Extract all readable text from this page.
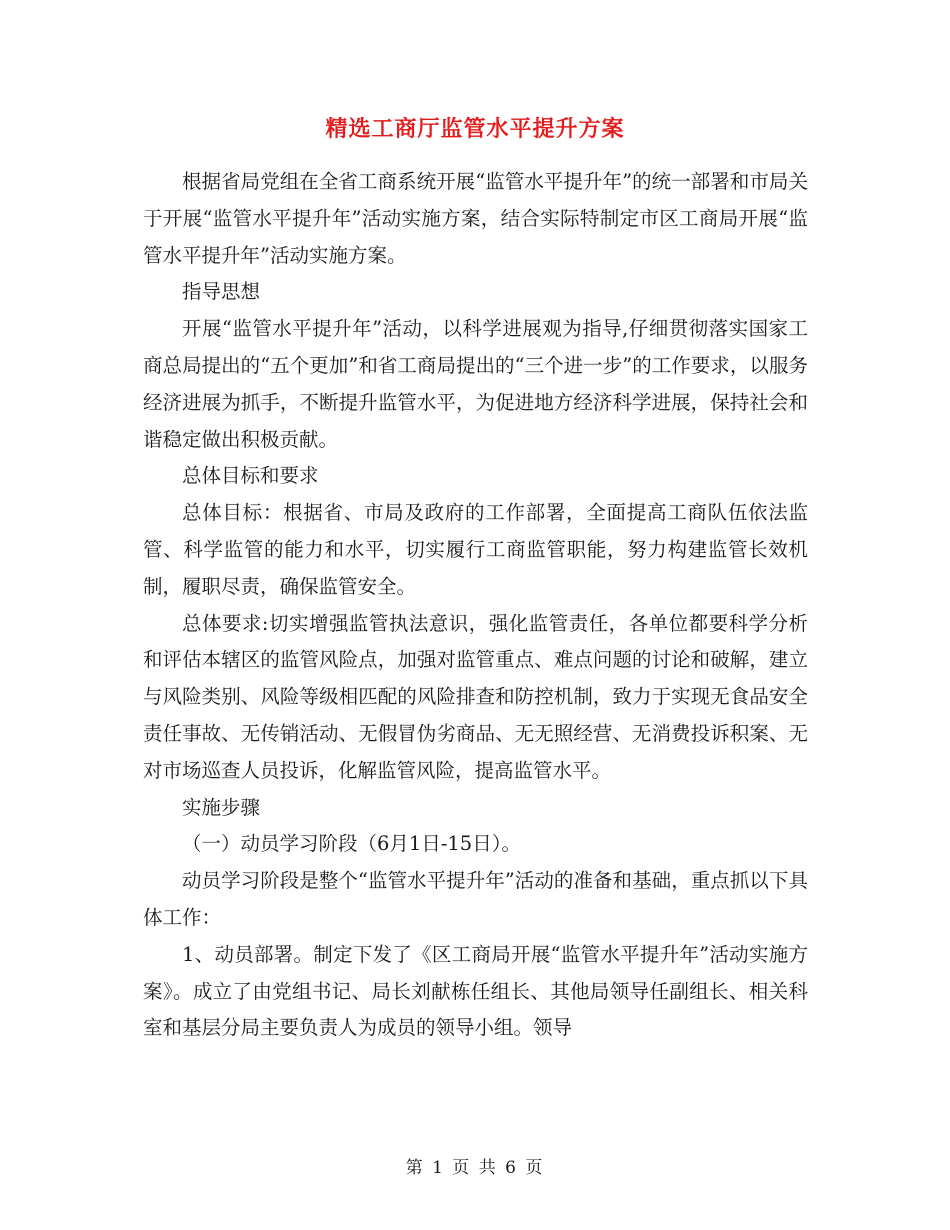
精选工商厅监管水平提升方案

根据省局党组在全省工商系统开展“监管水平提升年”的统一部署和市局关于开展“监管水平提升年”活动实施方案，结合实际特制定市区工商局开展“监管水平提升年”活动实施方案。

指导思想

开展“监管水平提升年”活动，以科学进展观为指导,仔细贯彻落实国家工商总局提出的“五个更加”和省工商局提出的“三个进一步”的工作要求，以服务经济进展为抓手，不断提升监管水平，为促进地方经济科学进展，保持社会和谐稳定做出积极贡献。

总体目标和要求

总体目标：根据省、市局及政府的工作部署，全面提高工商队伍依法监管、科学监管的能力和水平，切实履行工商监管职能，努力构建监管长效机制，履职尽责，确保监管安全。

总体要求:切实增强监管执法意识，强化监管责任，各单位都要科学分析和评估本辖区的监管风险点，加强对监管重点、难点问题的讨论和破解，建立与风险类别、风险等级相匹配的风险排查和防控机制，致力于实现无食品安全责任事故、无传销活动、无假冒伪劣商品、无无照经营、无消费投诉积案、无对市场巡查人员投诉，化解监管风险，提高监管水平。

实施步骤

（一）动员学习阶段（6月1日-15日）。

动员学习阶段是整个“监管水平提升年”活动的准备和基础，重点抓以下具体工作：

1、动员部署。制定下发了《区工商局开展“监管水平提升年”活动实施方案》。成立了由党组书记、局长刘献栋任组长、其他局领导任副组长、相关科室和基层分局主要负责人为成员的领导小组。领导

第 1 页 共 6 页
